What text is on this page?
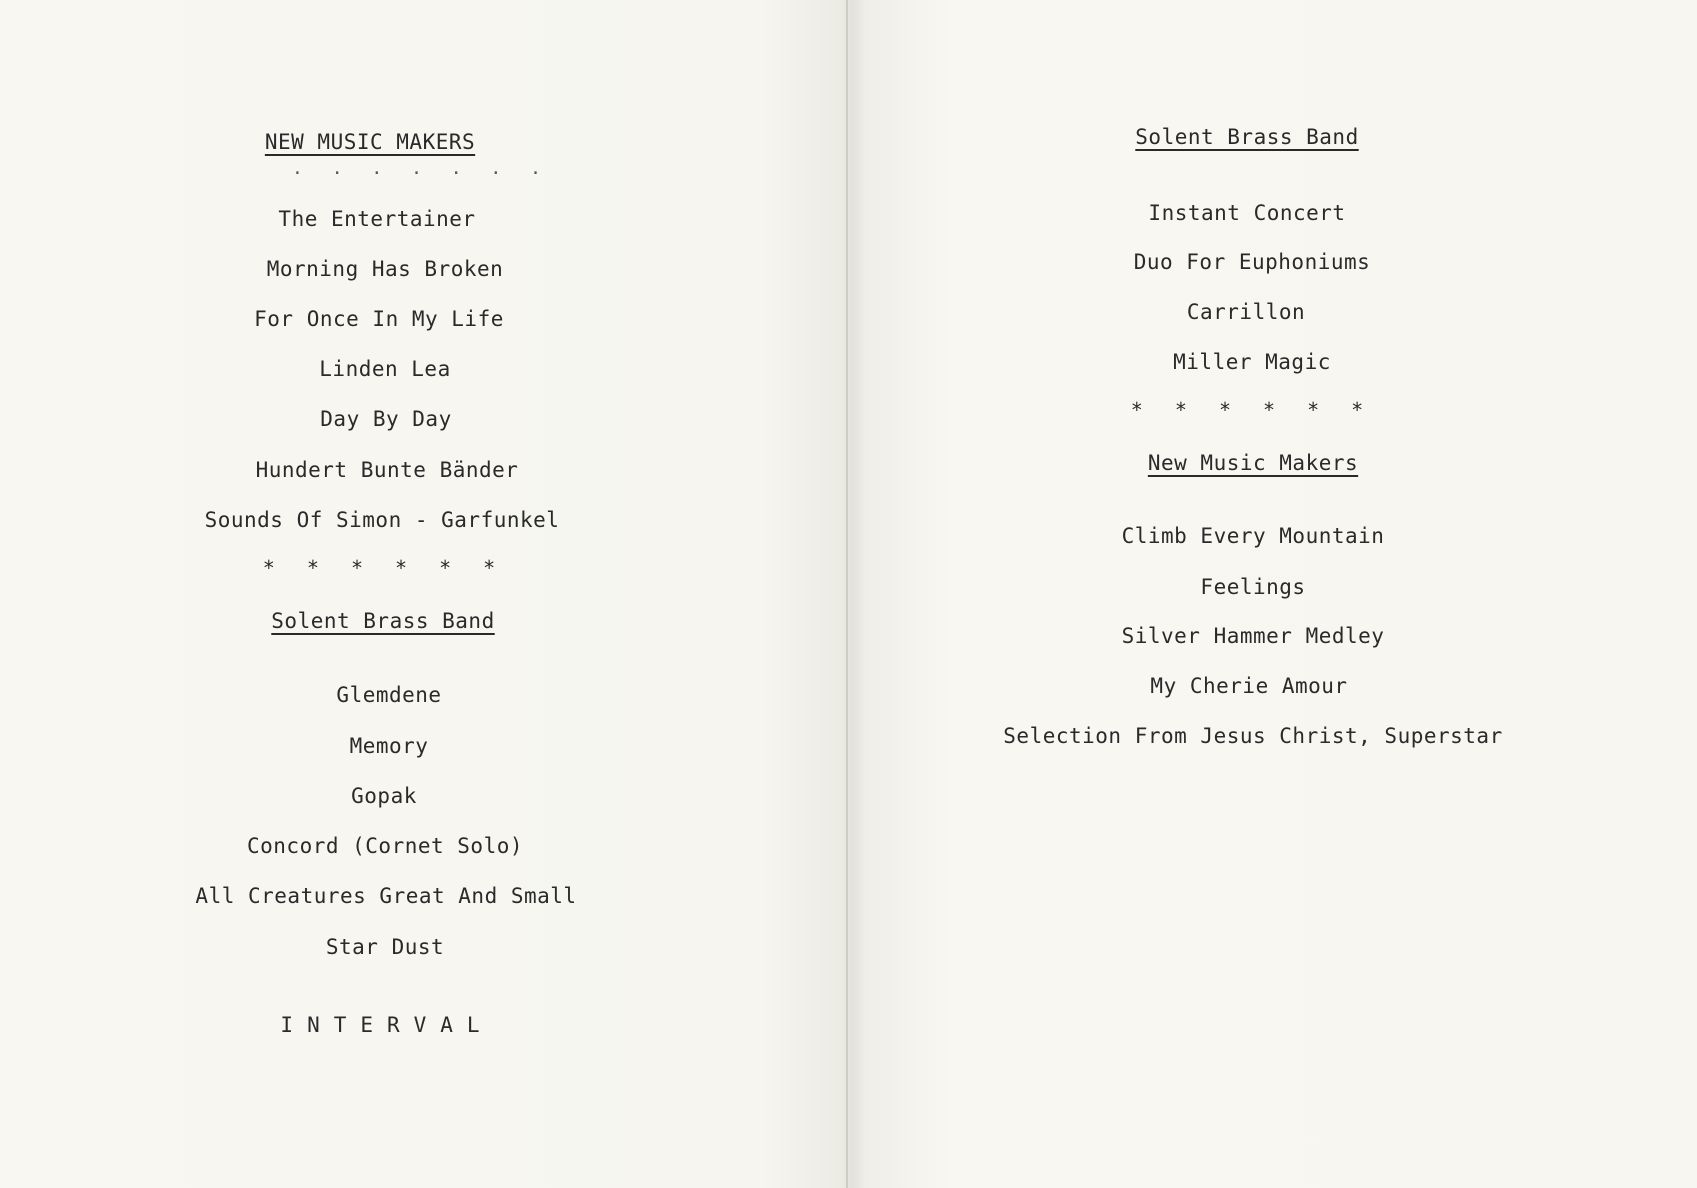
NEW MUSIC MAKERS
. . . . . . .
The Entertainer
Morning Has Broken
For Once In My Life
Linden Lea
Day By Day
Hundert Bunte Bänder
Sounds Of Simon - Garfunkel
* * * * * *
Solent Brass Band
Glemdene
Memory
Gopak
Concord (Cornet Solo)
All Creatures Great And Small
Star Dust
INTERVAL
Solent Brass Band
Instant Concert
Duo For Euphoniums
Carrillon
Miller Magic
* * * * * *
New Music Makers
Climb Every Mountain
Feelings
Silver Hammer Medley
My Cherie Amour
Selection From Jesus Christ, Superstar
